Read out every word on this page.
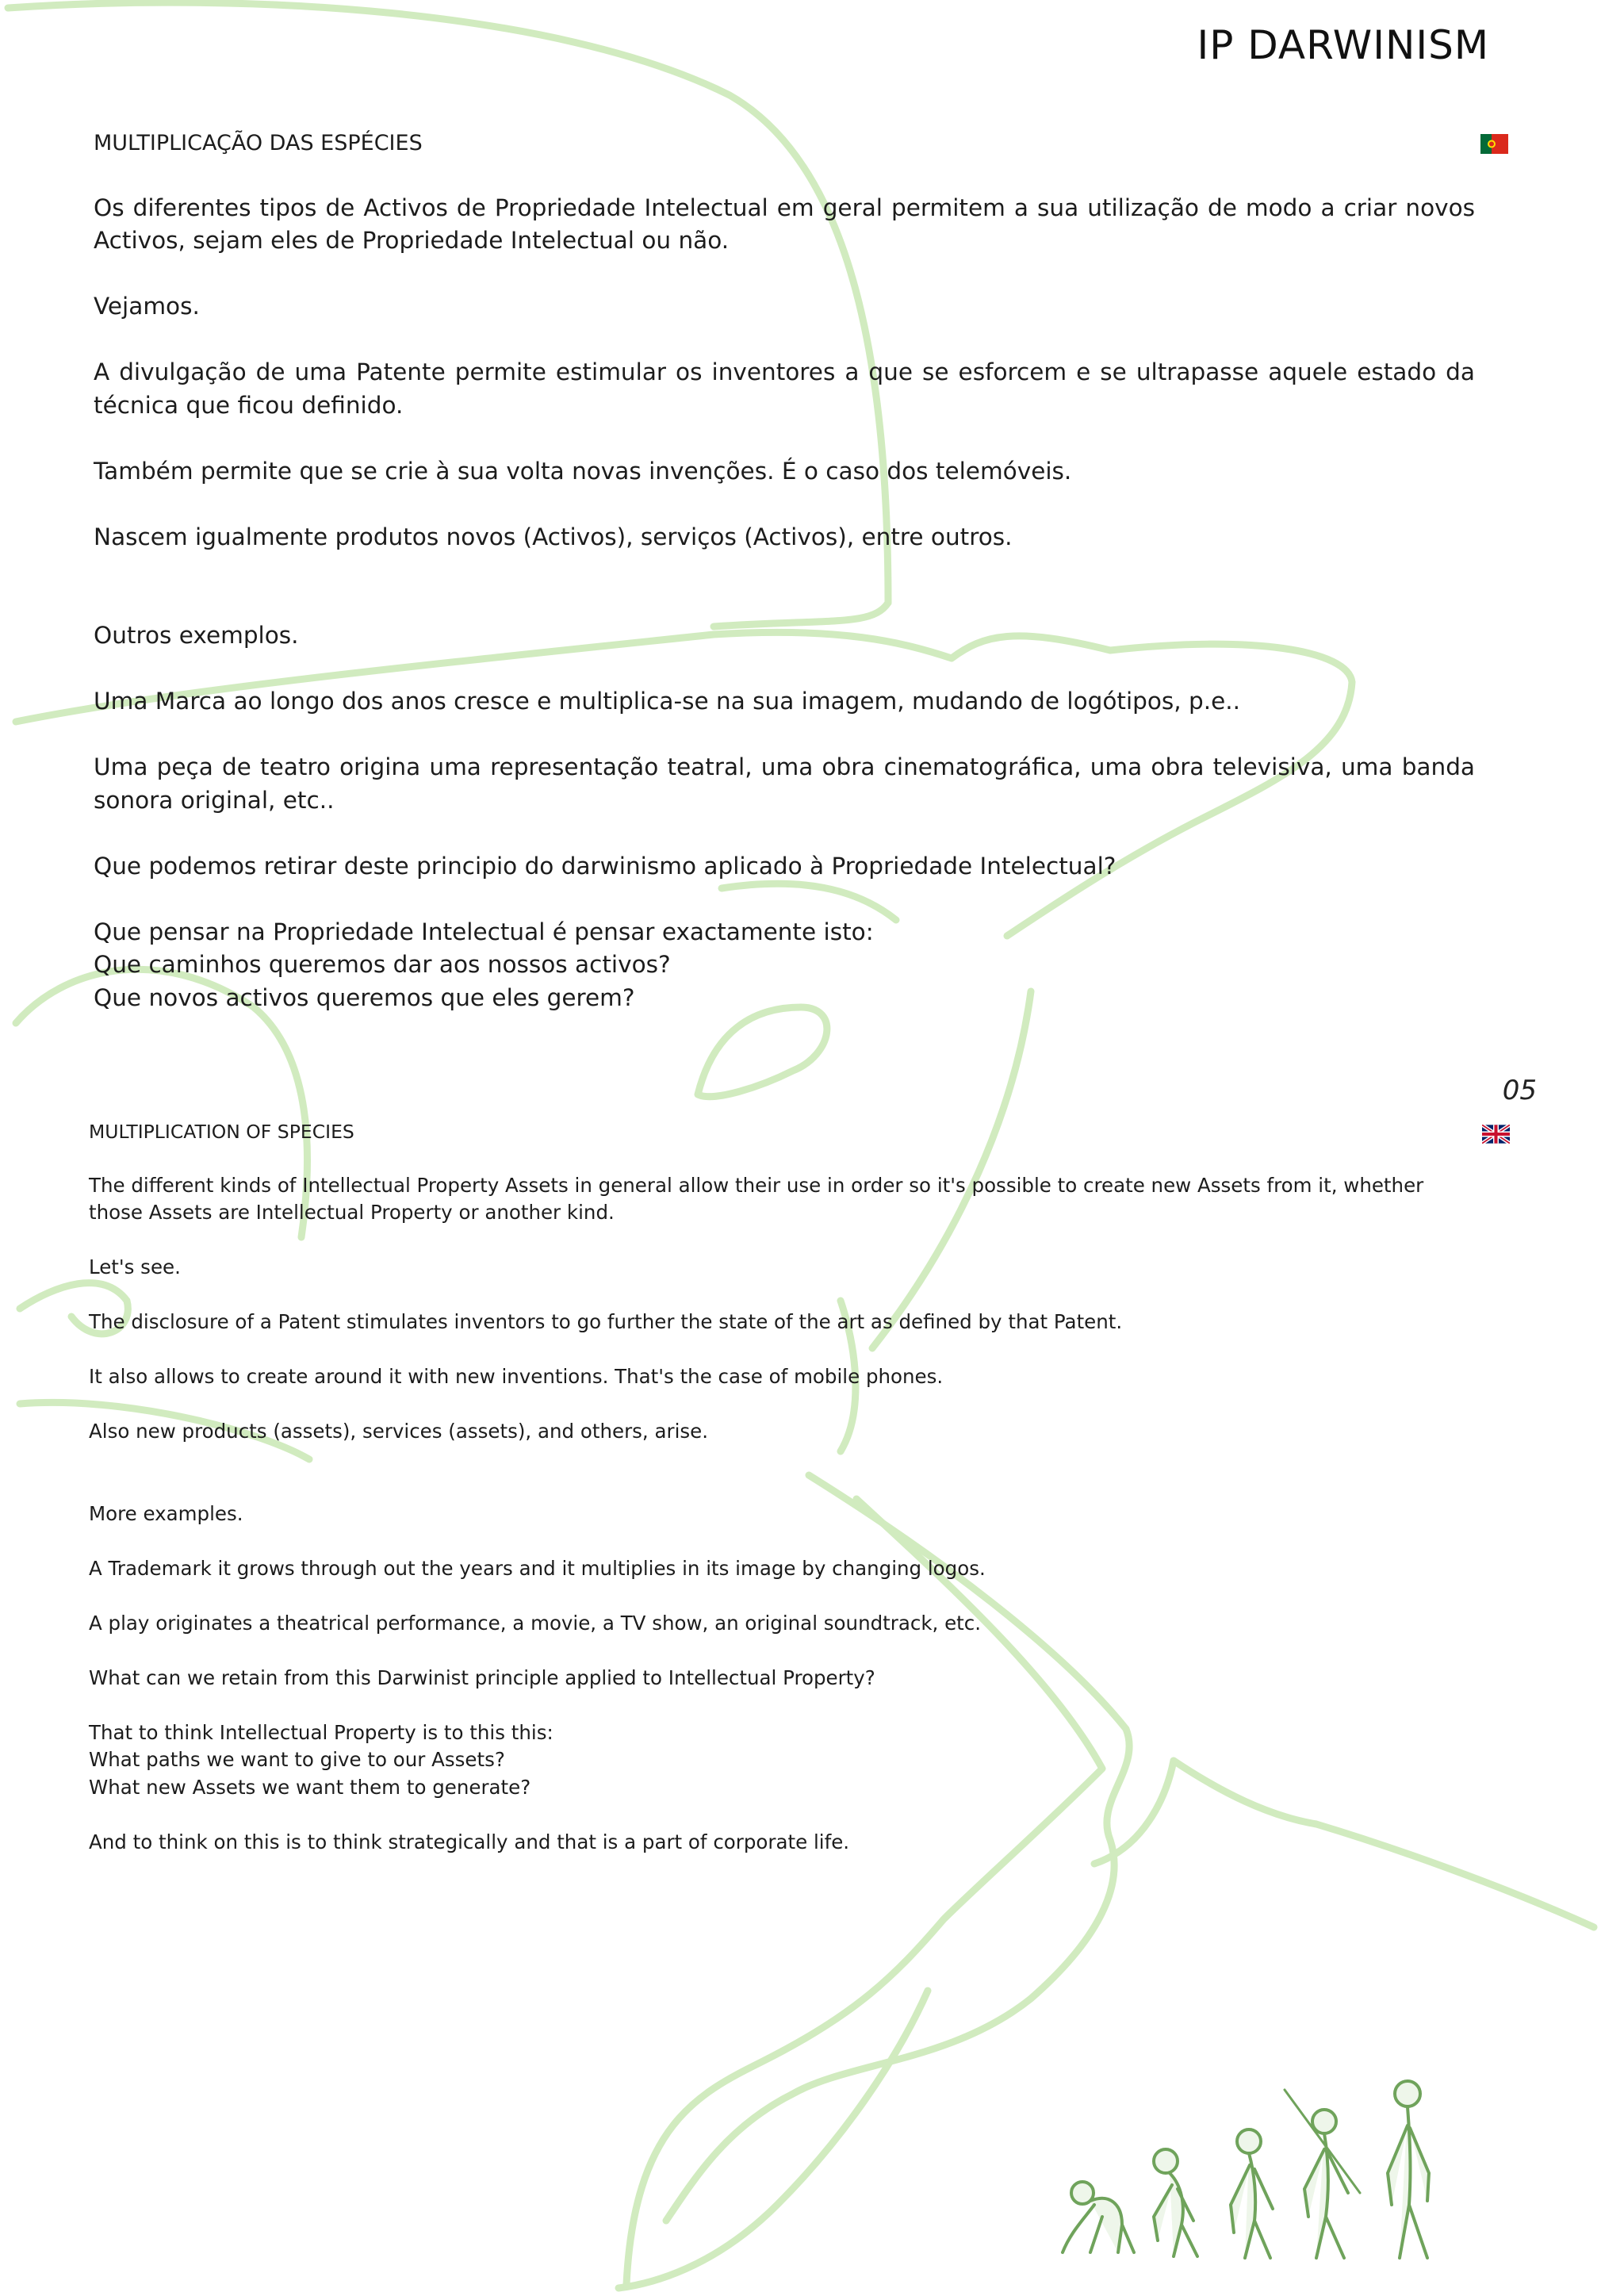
IP DARWINISM

MULTIPLICAÇÃO DAS ESPÉCIES

Os diferentes tipos de Activos de Propriedade Intelectual em geral permitem a sua utilização de modo a criar novos Activos, sejam eles de Propriedade Intelectual ou não.

Vejamos.

A divulgação de uma Patente permite estimular os inventores a que se esforcem e se ultrapasse aquele estado da técnica que ficou definido.

Também permite que se crie à sua volta novas invenções. É o caso dos telemóveis.

Nascem igualmente produtos novos (Activos), serviços (Activos), entre outros.

Outros exemplos.

Uma Marca ao longo dos anos cresce e multiplica-se na sua imagem, mudando de logótipos, p.e..

Uma peça de teatro origina uma representação teatral, uma obra cinematográfica, uma obra televisiva, uma banda sonora original, etc..

Que podemos retirar deste principio do darwinismo aplicado à Propriedade Intelectual?

Que pensar na Propriedade Intelectual é pensar exactamente isto:
Que caminhos queremos dar aos nossos activos?
Que novos activos queremos que eles gerem?
05

MULTIPLICATION OF SPECIES

The different kinds of Intellectual Property Assets in general allow their use in order so it's possible to create new Assets from it, whether those Assets are Intellectual Property or another kind.

Let's see.

The disclosure of a Patent stimulates inventors to go further the state of the art as defined by that Patent.

It also allows to create around it with new inventions. That's the case of mobile phones.

Also new products (assets), services (assets), and others, arise.

More examples.

A Trademark it grows through out the years and it multiplies in its image by changing logos.

A play originates a theatrical performance, a movie, a TV show, an original soundtrack, etc.

What can we retain from this Darwinist principle applied to Intellectual Property?

That to think Intellectual Property is to this this:
What paths we want to give to our Assets?
What new Assets we want them to generate?

And to think on this is to think strategically and that is a part of corporate life.
